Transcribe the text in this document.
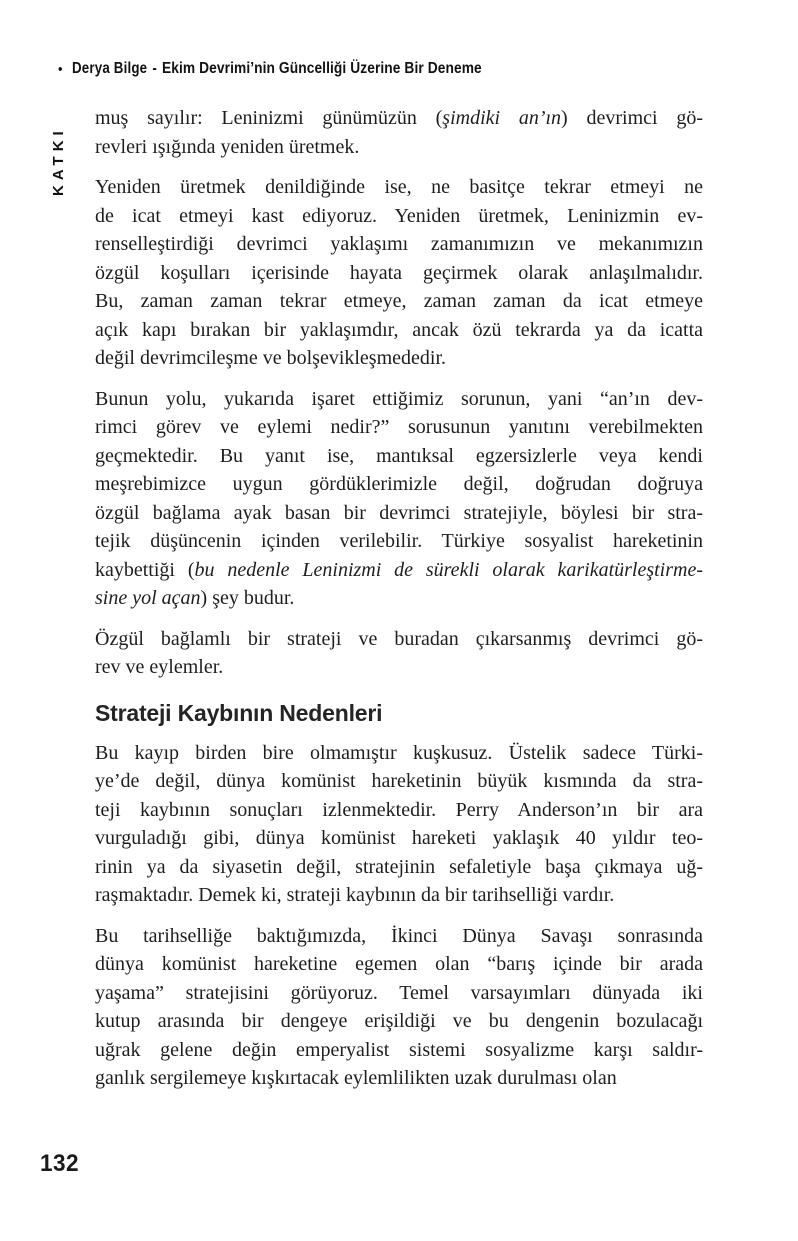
• Derya Bilge - Ekim Devrimi’nin Güncelliği Üzerine Bir Deneme
KATKI
muş sayılır: Leninizmi günümüzün (şimdiki an’ın) devrimci gö-
revleri ışığında yeniden üretmek.
Yeniden üretmek denildiğinde ise, ne basitçe tekrar etmeyi ne
de icat etmeyi kast ediyoruz. Yeniden üretmek, Leninizmin ev-
renselleştirdiği devrimci yaklaşımı zamanımızın ve mekanımızın
özgül koşulları içerisinde hayata geçirmek olarak anlaşılmalıdır.
Bu, zaman zaman tekrar etmeye, zaman zaman da icat etmeye
açık kapı bırakan bir yaklaşımdır, ancak özü tekrarda ya da icatta
değil devrimcileşme ve bolşevikleşmededir.
Bunun yolu, yukarıda işaret ettiğimiz sorunun, yani “an’ın dev-
rimci görev ve eylemi nedir?” sorusunun yanıtını verebilmekten
geçmektedir. Bu yanıt ise, mantıksal egzersizlerle veya kendi
meşrebimizce uygun gördüklerimizle değil, doğrudan doğruya
özgül bağlama ayak basan bir devrimci stratejiyle, böylesi bir stra-
tejik düşüncenin içinden verilebilir. Türkiye sosyalist hareketinin
kaybettiği (bu nedenle Leninizmi de sürekli olarak karikatürleştirme-
sine yol açan) şey budur.
Özgül bağlamlı bir strateji ve buradan çıkarsanmış devrimci gö-
rev ve eylemler.
Strateji Kaybının Nedenleri
Bu kayıp birden bire olmamıştır kuşkusuz. Üstelik sadece Türki-
ye’de değil, dünya komünist hareketinin büyük kısmında da stra-
teji kaybının sonuçları izlenmektedir. Perry Anderson’ın bir ara
vurguladığı gibi, dünya komünist hareketi yaklaşık 40 yıldır teo-
rinin ya da siyasetin değil, stratejinin sefaletiyle başa çıkmaya uğ-
raşmaktadır. Demek ki, strateji kaybının da bir tarihselliği vardır.
Bu tarihselliğe baktığımızda, İkinci Dünya Savaşı sonrasında
dünya komünist hareketine egemen olan “barış içinde bir arada
yaşama” stratejisini görüyoruz. Temel varsayımları dünyada iki
kutup arasında bir dengeye erişildiği ve bu dengenin bozulacağı
uğrak gelene değin emperyalist sistemi sosyalizme karşı saldır-
ganlık sergilemeye kışkırtacak eylemlilikten uzak durulması olan
132
